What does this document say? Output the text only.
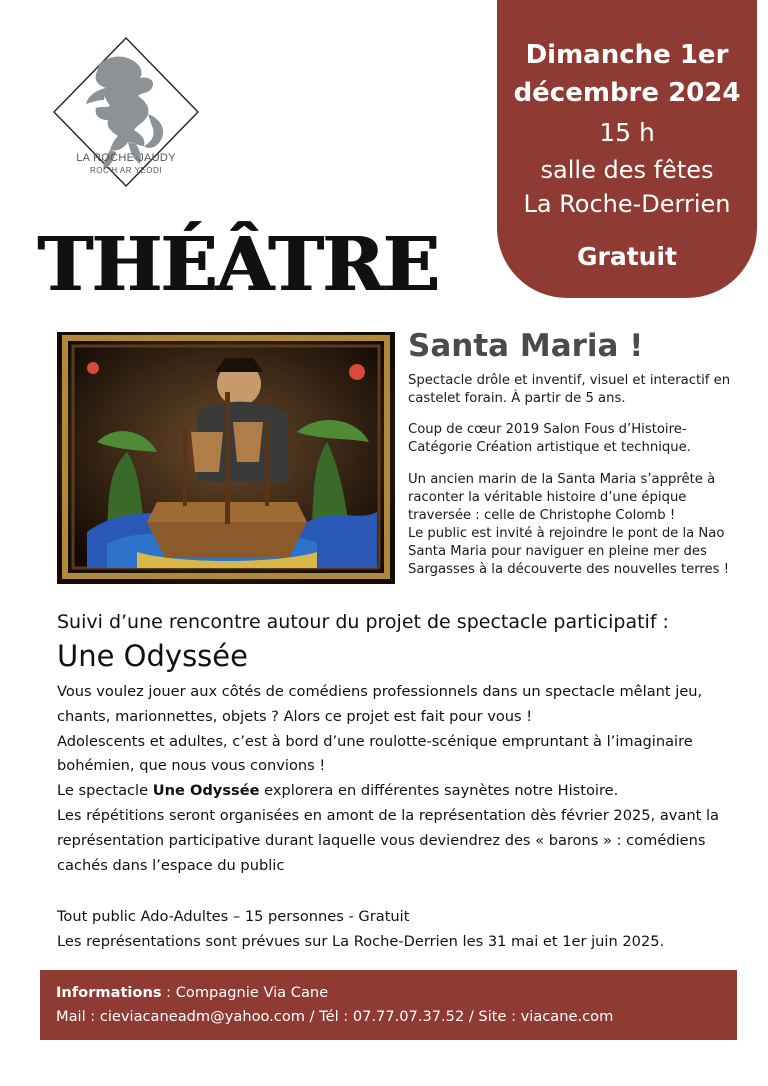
LA ROCHE-JAUDY
ROC'H AR YEODI
Dimanche 1er décembre 2024
15 h
salle des fêtes
La Roche-Derrien
Gratuit
THÉÂTRE
Santa Maria !
Spectacle drôle et inventif, visuel et interactif en castelet forain. À partir de 5 ans.
Coup de cœur 2019 Salon Fous d’Histoire- Catégorie Création artistique et technique.
Un ancien marin de la Santa Maria s’apprête à raconter la véritable histoire d’une épique traversée : celle de Christophe Colomb !
Le public est invité à rejoindre le pont de la Nao Santa Maria pour naviguer en pleine mer des Sargasses à la découverte des nouvelles terres !
Suivi d’une rencontre autour du projet de spectacle participatif :
Une Odyssée
Vous voulez jouer aux côtés de comédiens professionnels dans un spectacle mêlant jeu,
chants, marionnettes, objets ? Alors ce projet est fait pour vous !
Adolescents et adultes, c’est à bord d’une roulotte-scénique empruntant à l’imaginaire
bohémien, que nous vous convions !
Le spectacle Une Odyssée explorera en différentes saynètes notre Histoire.
Les répétitions seront organisées en amont de la représentation dès février 2025, avant la
représentation participative durant laquelle vous deviendrez des « barons » : comédiens
cachés dans l’espace du public
Tout public Ado-Adultes – 15 personnes - Gratuit
Les représentations sont prévues sur La Roche-Derrien les 31 mai et 1er juin 2025.
Informations : Compagnie Via Cane
Mail : cieviacaneadm@yahoo.com / Tél : 07.77.07.37.52 / Site : viacane.com
